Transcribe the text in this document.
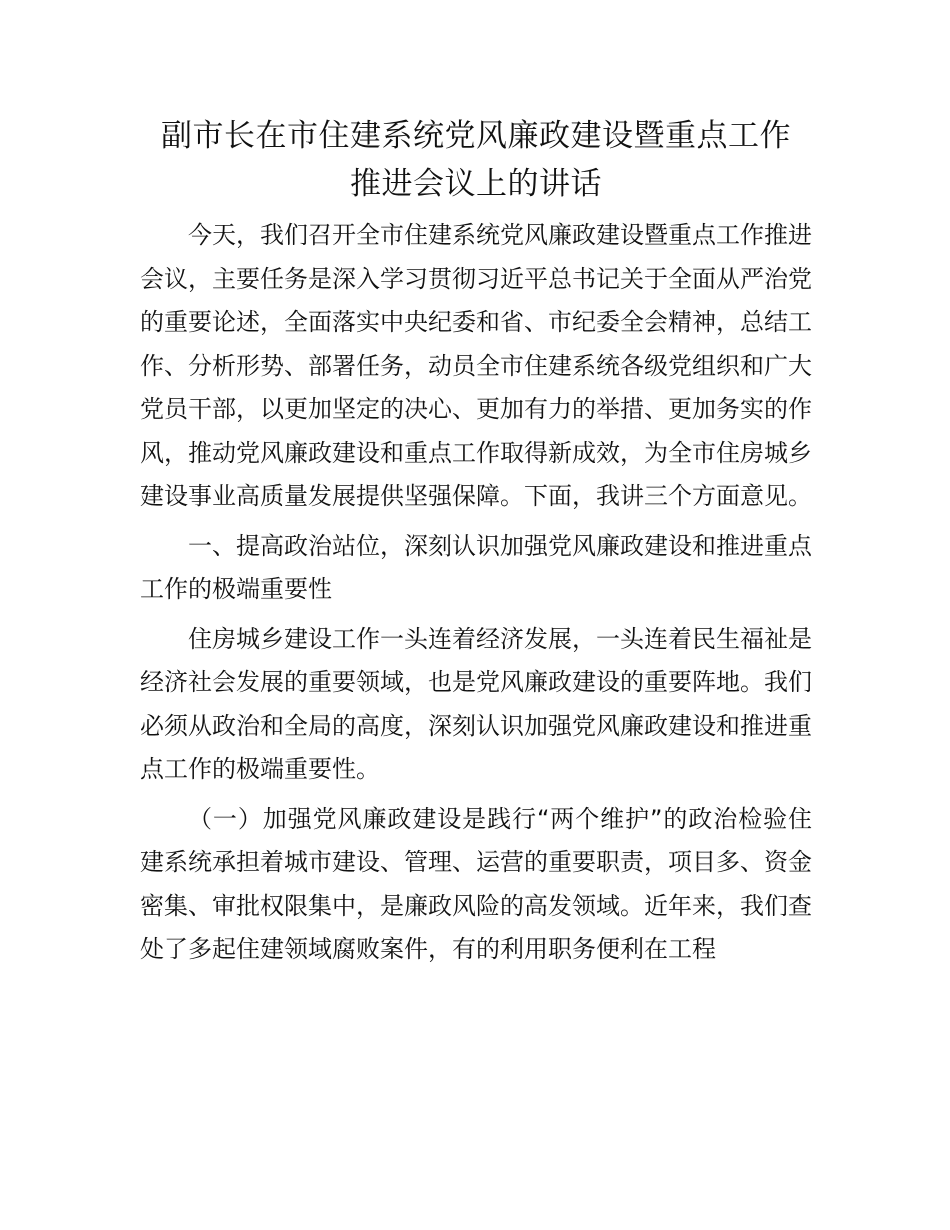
副市长在市住建系统党风廉政建设暨重点工作
推进会议上的讲话

今天，我们召开全市住建系统党风廉政建设暨重点工作推进会议，主要任务是深入学习贯彻习近平总书记关于全面从严治党的重要论述，全面落实中央纪委和省、市纪委全会精神，总结工作、分析形势、部署任务，动员全市住建系统各级党组织和广大党员干部，以更加坚定的决心、更加有力的举措、更加务实的作风，推动党风廉政建设和重点工作取得新成效，为全市住房城乡建设事业高质量发展提供坚强保障。下面，我讲三个方面意见。

一、提高政治站位，深刻认识加强党风廉政建设和推进重点工作的极端重要性

住房城乡建设工作一头连着经济发展，一头连着民生福祉是经济社会发展的重要领域，也是党风廉政建设的重要阵地。我们必须从政治和全局的高度，深刻认识加强党风廉政建设和推进重点工作的极端重要性。

（一）加强党风廉政建设是践行“两个维护”的政治检验住建系统承担着城市建设、管理、运营的重要职责，项目多、资金密集、审批权限集中，是廉政风险的高发领域。近年来，我们查处了多起住建领域腐败案件，有的利用职务便利在工程
